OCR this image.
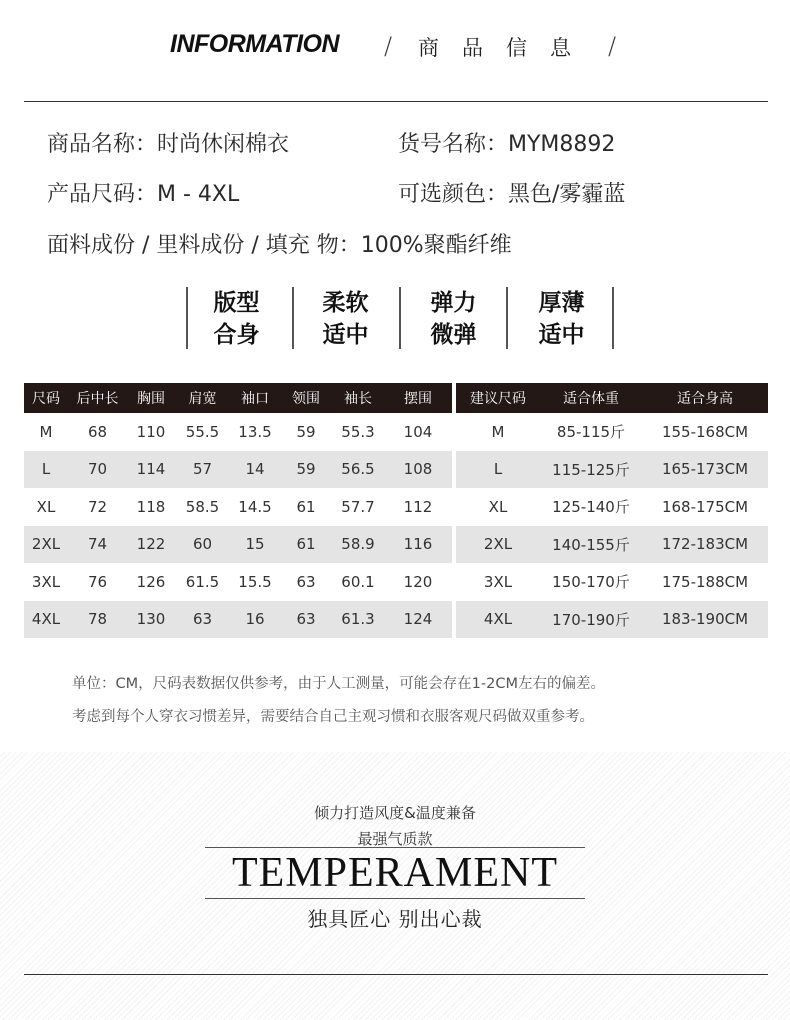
INFORMATION / 商品信息 /
商品名称：时尚休闲棉衣	货号名称：MYM8892
产品尺码：M - 4XL	可选颜色：黑色/雾霾蓝
面料成份 / 里料成份 / 填充 物：100%聚酯纤维
版型
合身
柔软
适中
弹力
微弹
厚薄
适中
尺码	后中长	胸围	肩宽	袖口	领围	袖长	摆围
M	68	110	55.5	13.5	59	55.3	104
L	70	114	57	14	59	56.5	108
XL	72	118	58.5	14.5	61	57.7	112
2XL	74	122	60	15	61	58.9	116
3XL	76	126	61.5	15.5	63	60.1	120
4XL	78	130	63	16	63	61.3	124
建议尺码	适合体重	适合身高
M	85-115斤	155-168CM
L	115-125斤	165-173CM
XL	125-140斤	168-175CM
2XL	140-155斤	172-183CM
3XL	150-170斤	175-188CM
4XL	170-190斤	183-190CM
单位：CM，尺码表数据仅供参考，由于人工测量，可能会存在1-2CM左右的偏差。
考虑到每个人穿衣习惯差异，需要结合自己主观习惯和衣服客观尺码做双重参考。
倾力打造风度&温度兼备
最强气质款
TEMPERAMENT
独具匠心 别出心裁
